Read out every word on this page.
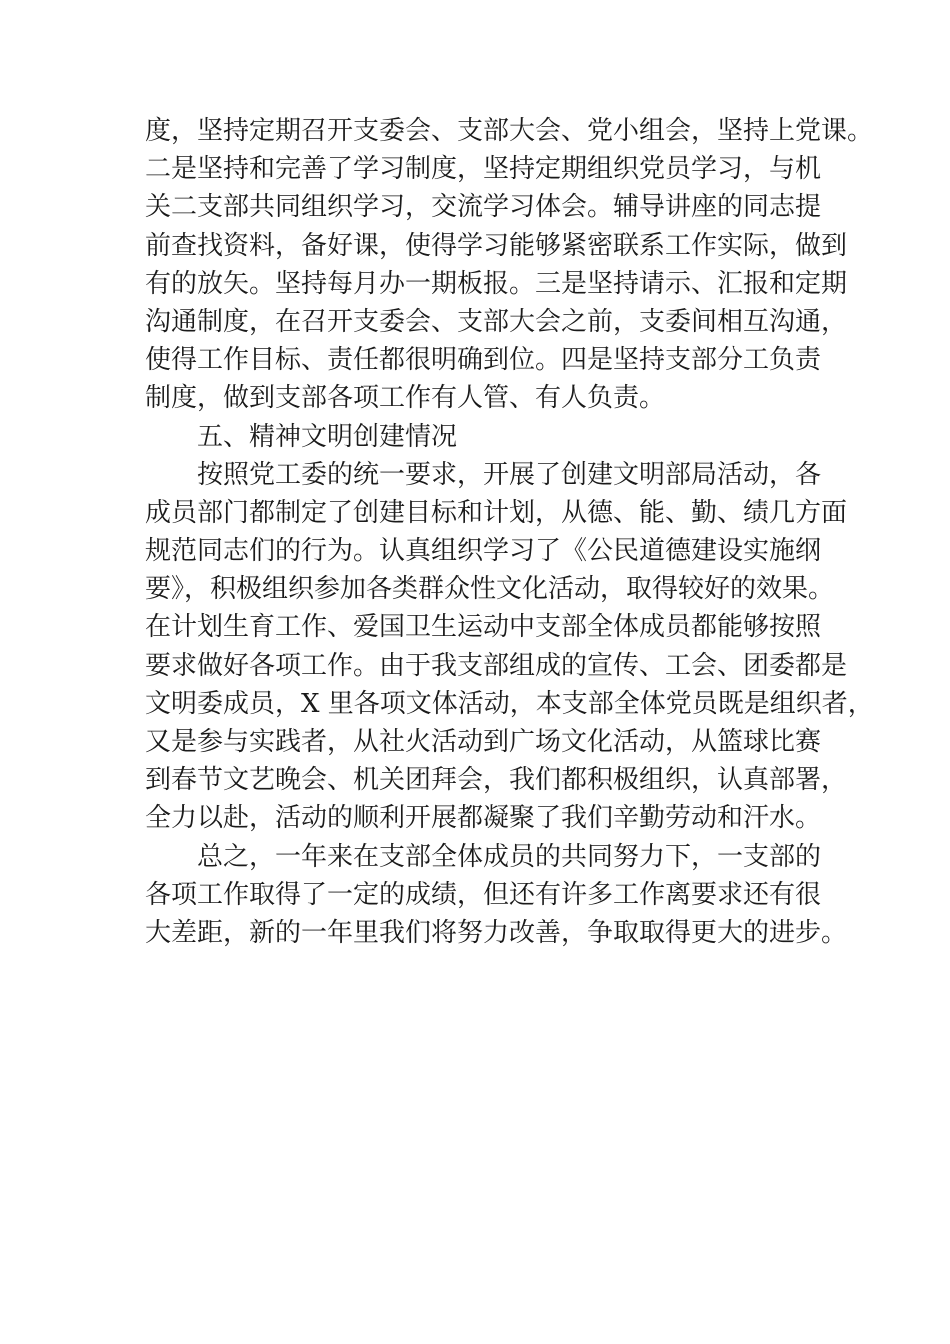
度，坚持定期召开支委会、支部大会、党小组会，坚持上党课。
二是坚持和完善了学习制度，坚持定期组织党员学习，与机
关二支部共同组织学习，交流学习体会。辅导讲座的同志提
前查找资料，备好课，使得学习能够紧密联系工作实际，做到
有的放矢。坚持每月办一期板报。三是坚持请示、汇报和定期
沟通制度，在召开支委会、支部大会之前，支委间相互沟通，
使得工作目标、责任都很明确到位。四是坚持支部分工负责
制度，做到支部各项工作有人管、有人负责。
五、精神文明创建情况
按照党工委的统一要求，开展了创建文明部局活动，各
成员部门都制定了创建目标和计划，从德、能、勤、绩几方面
规范同志们的行为。认真组织学习了《公民道德建设实施纲
要》，积极组织参加各类群众性文化活动，取得较好的效果。
在计划生育工作、爱国卫生运动中支部全体成员都能够按照
要求做好各项工作。由于我支部组成的宣传、工会、团委都是
文明委成员，X 里各项文体活动，本支部全体党员既是组织者，
又是参与实践者，从社火活动到广场文化活动，从篮球比赛
到春节文艺晚会、机关团拜会，我们都积极组织，认真部署，
全力以赴，活动的顺利开展都凝聚了我们辛勤劳动和汗水。
总之，一年来在支部全体成员的共同努力下，一支部的
各项工作取得了一定的成绩，但还有许多工作离要求还有很
大差距，新的一年里我们将努力改善，争取取得更大的进步。
